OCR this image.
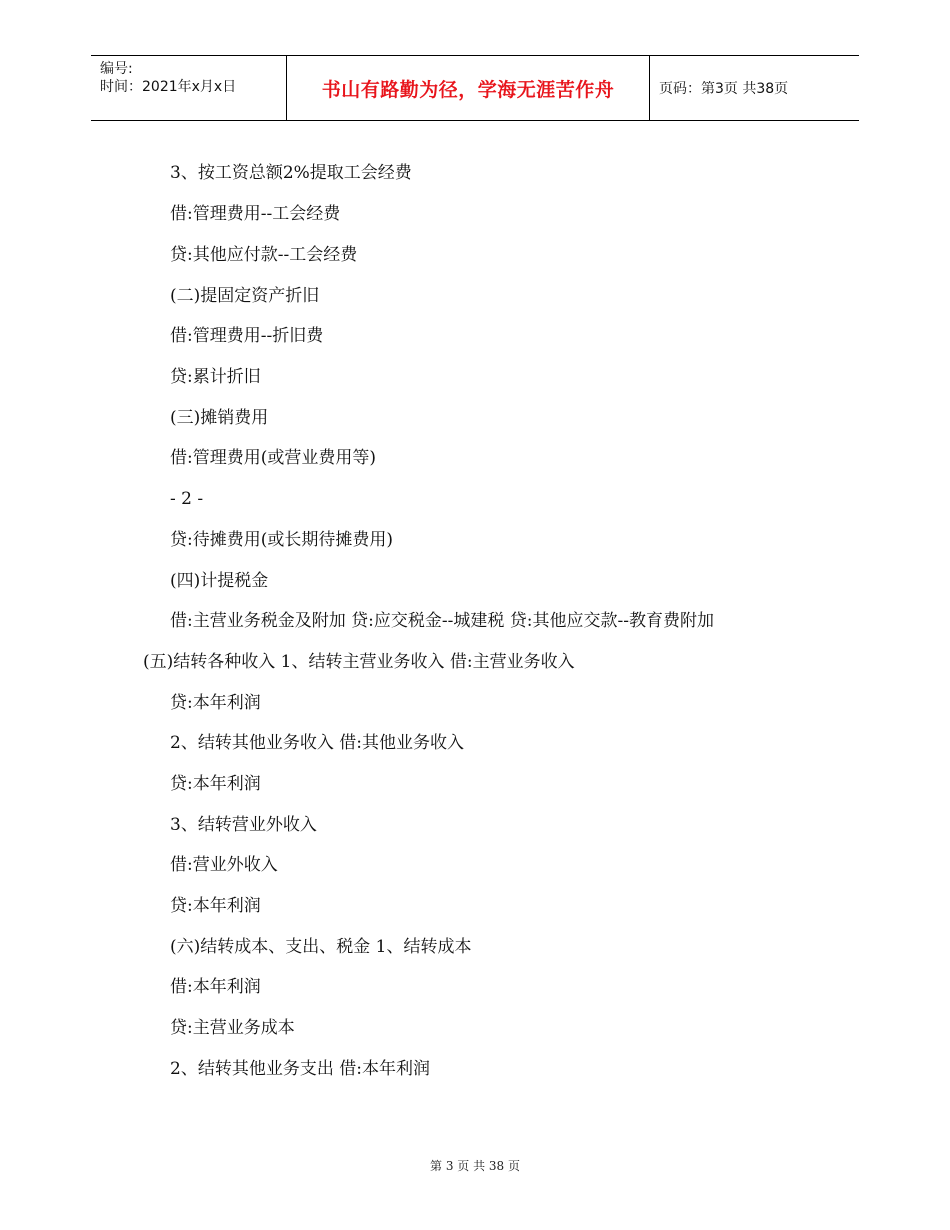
编号:
时间：2021年x月x日	书山有路勤为径，学海无涯苦作舟	页码：第3页 共38页
3、按工资总额2%提取工会经费
借:管理费用--工会经费
贷:其他应付款--工会经费
(二)提固定资产折旧
借:管理费用--折旧费
贷:累计折旧
(三)摊销费用
借:管理费用(或营业费用等)
- 2 -
贷:待摊费用(或长期待摊费用)
(四)计提税金
借:主营业务税金及附加 贷:应交税金--城建税 贷:其他应交款--教育费附加
(五)结转各种收入 1、结转主营业务收入 借:主营业务收入
贷:本年利润
2、结转其他业务收入 借:其他业务收入
贷:本年利润
3、结转营业外收入
借:营业外收入
贷:本年利润
(六)结转成本、支出、税金 1、结转成本
借:本年利润
贷:主营业务成本
2、结转其他业务支出 借:本年利润
第 3 页 共 38 页
